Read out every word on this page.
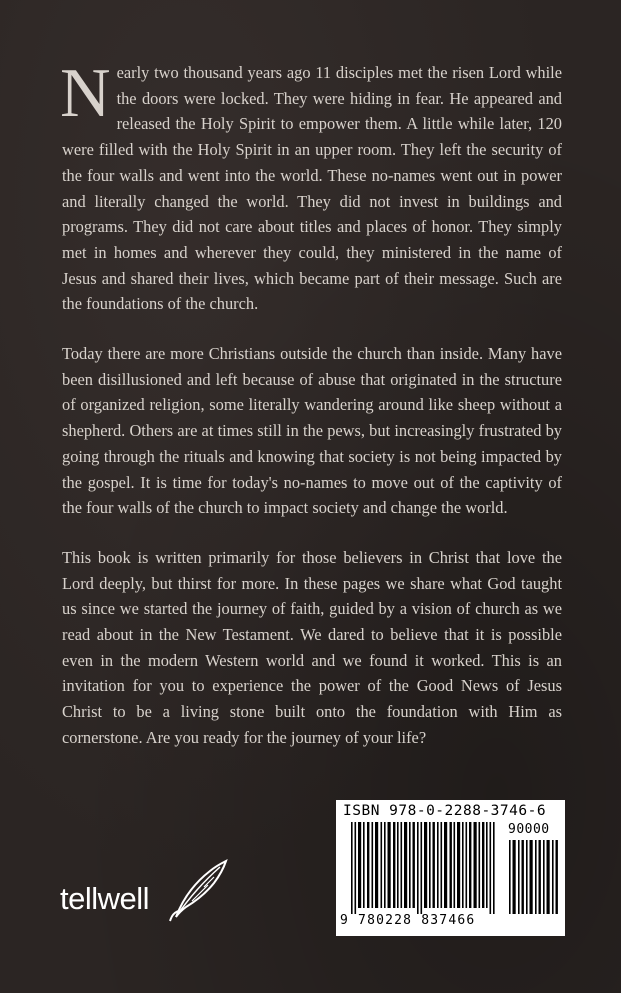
Nearly two thousand years ago 11 disciples met the risen Lord while the doors were locked. They were hiding in fear. He appeared and released the Holy Spirit to empower them. A little while later, 120 were filled with the Holy Spirit in an upper room. They left the security of the four walls and went into the world. These no-names went out in power and literally changed the world. They did not invest in buildings and programs. They did not care about titles and places of honor. They simply met in homes and wherever they could, they ministered in the name of Jesus and shared their lives, which became part of their message. Such are the foundations of the church.

Today there are more Christians outside the church than inside. Many have been disillusioned and left because of abuse that originated in the structure of organized religion, some literally wandering around like sheep without a shepherd. Others are at times still in the pews, but increasingly frustrated by going through the rituals and knowing that society is not being impacted by the gospel. It is time for today's no-names to move out of the captivity of the four walls of the church to impact society and change the world.

This book is written primarily for those believers in Christ that love the Lord deeply, but thirst for more. In these pages we share what God taught us since we started the journey of faith, guided by a vision of church as we read about in the New Testament. We dared to believe that it is possible even in the modern Western world and we found it worked. This is an invitation for you to experience the power of the Good News of Jesus Christ to be a living stone built onto the foundation with Him as cornerstone. Are you ready for the journey of your life?

tellwell
ISBN 978-0-2288-3746-6
90000
9 780228 837466
